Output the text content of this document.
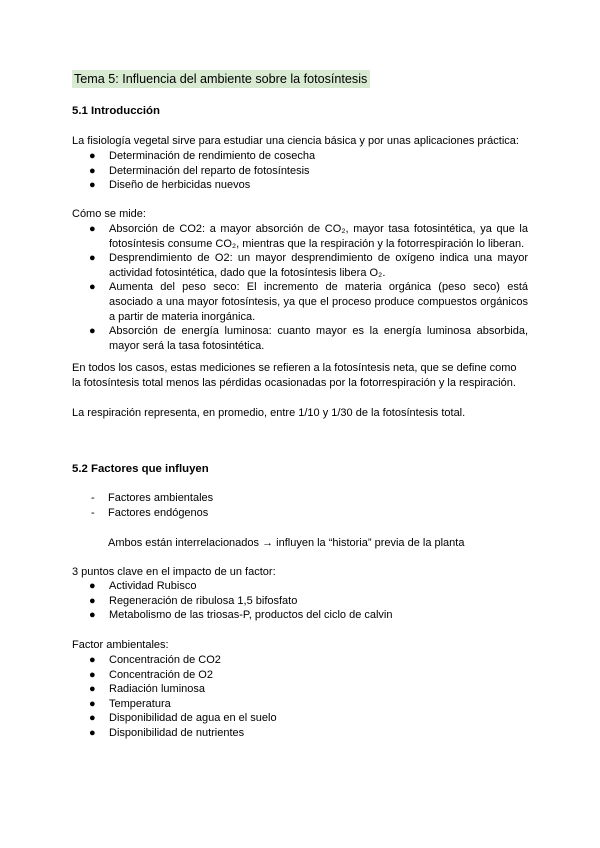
Tema 5: Influencia del ambiente sobre la fotosíntesis

5.1 Introducción

La fisiología vegetal sirve para estudiar una ciencia básica y por unas aplicaciones práctica:

●	Determinación de rendimiento de cosecha
●	Determinación del reparto de fotosíntesis
●	Diseño de herbicidas nuevos

Cómo se mide:

●	Absorción de CO2: a mayor absorción de CO₂, mayor tasa fotosintética, ya que la fotosíntesis consume CO₂, mientras que la respiración y la fotorrespiración lo liberan.
●	Desprendimiento de O2: un mayor desprendimiento de oxígeno indica una mayor actividad fotosintética, dado que la fotosíntesis libera O₂.
●	Aumenta del peso seco: El incremento de materia orgánica (peso seco) está asociado a una mayor fotosíntesis, ya que el proceso produce compuestos orgánicos a partir de materia inorgánica.
●	Absorción de energía luminosa: cuanto mayor es la energía luminosa absorbida, mayor será la tasa fotosintética.

En todos los casos, estas mediciones se refieren a la fotosíntesis neta, que se define como

la fotosíntesis total menos las pérdidas ocasionadas por la fotorrespiración y la respiración.

La respiración representa, en promedio, entre 1/10 y 1/30 de la fotosíntesis total.

5.2 Factores que influyen

-	Factores ambientales
-	Factores endógenos

Ambos están interrelacionados → influyen la “historia” previa de la planta

3 puntos clave en el impacto de un factor:

●	Actividad Rubisco
●	Regeneración de ribulosa 1,5 bifosfato
●	Metabolismo de las triosas-P, productos del ciclo de calvin

Factor ambientales:

●	Concentración de CO2
●	Concentración de O2
●	Radiación luminosa
●	Temperatura
●	Disponibilidad de agua en el suelo
●	Disponibilidad de nutrientes
